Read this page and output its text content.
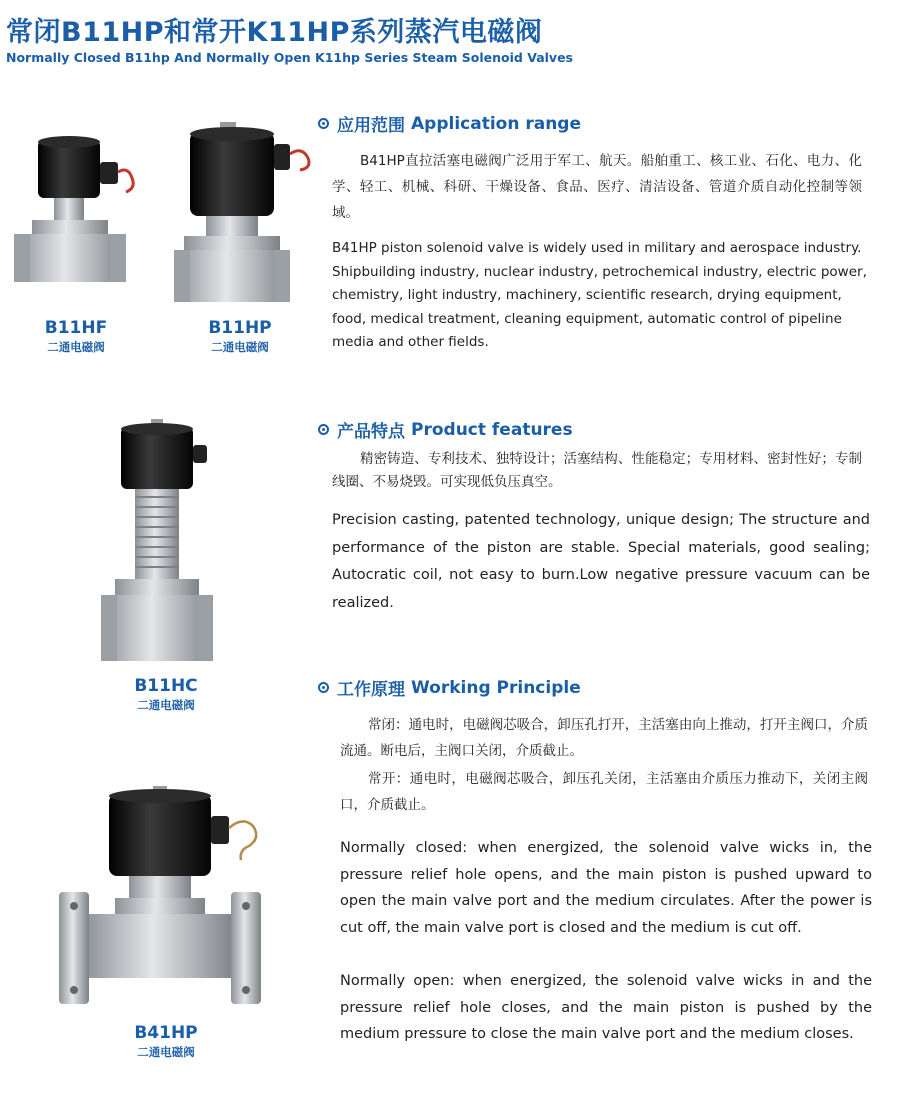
常闭B11HP和常开K11HP系列蒸汽电磁阀
Normally Closed B11hp And Normally Open K11hp Series Steam Solenoid Valves
B11HF
二通电磁阀
B11HP
二通电磁阀
B11HC
二通电磁阀
B41HP
二通电磁阀
应用范围 Application range
B41HP直拉活塞电磁阀广泛用于军工、航天。船舶重工、核工业、石化、电力、化学、轻工、机械、科研、干燥设备、食品、医疗、清洁设备、管道介质自动化控制等领域。
B41HP piston solenoid valve is widely used in military and aerospace industry. Shipbuilding industry, nuclear industry, petrochemical industry, electric power, chemistry, light industry, machinery, scientific research, drying equipment, food, medical treatment, cleaning equipment, automatic control of pipeline media and other fields.
产品特点 Product features
精密铸造、专利技术、独特设计；活塞结构、性能稳定；专用材料、密封性好；专制线圈、不易烧毁。可实现低负压真空。
Precision casting, patented technology, unique design; The structure and performance of the piston are stable. Special materials, good sealing; Autocratic coil, not easy to burn.Low negative pressure vacuum can be realized.
工作原理 Working Principle
常闭：通电时，电磁阀芯吸合，卸压孔打开，主活塞由向上推动，打开主阀口，介质流通。断电后，主阀口关闭，介质截止。
常开：通电时，电磁阀芯吸合，卸压孔关闭，主活塞由介质压力推动下，关闭主阀口，介质截止。
Normally closed: when energized, the solenoid valve wicks in, the pressure relief hole opens, and the main piston is pushed upward to open the main valve port and the medium circulates. After the power is cut off, the main valve port is closed and the medium is cut off.
Normally open: when energized, the solenoid valve wicks in and the pressure relief hole closes, and the main piston is pushed by the medium pressure to close the main valve port and the medium closes.
